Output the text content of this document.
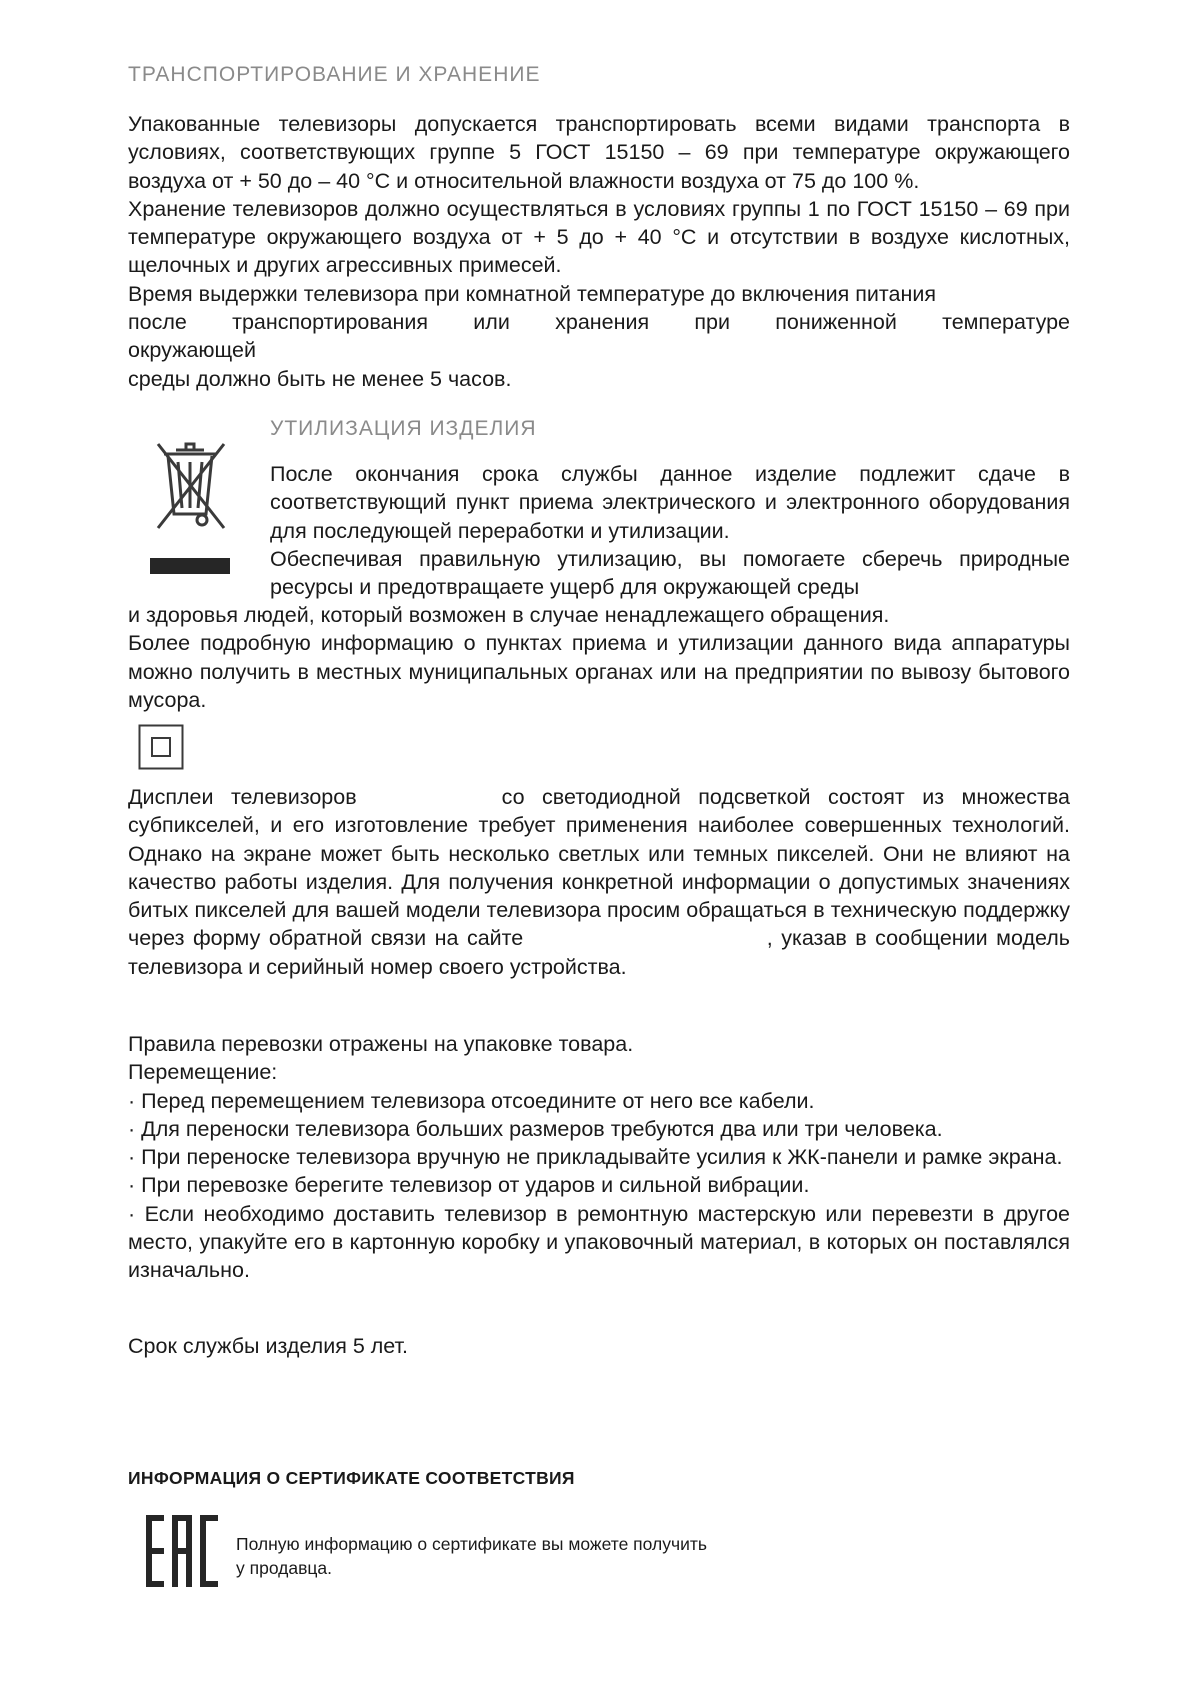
ТРАНСПОРТИРОВАНИЕ И ХРАНЕНИЕ

Упакованные телевизоры допускается транспортировать всеми видами транспорта в условиях, соответствующих группе 5 ГОСТ 15150 – 69 при температуре окружающего воздуха от + 50 до – 40 °С и относительной влажности воздуха от 75 до 100 %.

Хранение телевизоров должно осуществляться в условиях группы 1 по ГОСТ 15150 – 69 при температуре окружающего воздуха от + 5 до + 40 °С и отсутствии в воздухе кислотных, щелочных и других агрессивных примесей.

Время выдержки телевизора при комнатной температуре до включения питания
после транспортирования или хранения при пониженной температуре
окружающей
среды должно быть не менее 5 часов.
УТИЛИЗАЦИЯ ИЗДЕЛИЯ

После окончания срока службы данное изделие подлежит сдаче в соответствующий пункт приема электрического и электронного оборудования для последующей переработки и утилизации.

Обеспечивая правильную утилизацию, вы помогаете сберечь природные ресурсы и предотвращаете ущерб для окружающей среды

и здоровья людей, который возможен в случае ненадлежащего обращения.

Более подробную информацию о пунктах приема и утилизации данного вида аппаратуры можно получить в местных муниципальных органах или на предприятии по вывозу бытового мусора.

Дисплеи телевизоров	со светодиодной подсветкой состоят из множества субпикселей, и его изготовление требует применения наиболее совершенных технологий. Однако на экране может быть несколько светлых или темных пикселей. Они не влияют на качество работы изделия. Для получения конкретной информации о допустимых значениях битых пикселей для вашей модели телевизора просим обращаться в техническую поддержку через форму обратной связи на сайте	, указав в сообщении модель телевизора и серийный номер своего устройства.

Правила перевозки отражены на упаковке товара.
Перемещение:

· Перед перемещением телевизора отсоедините от него все кабели.

· Для переноски телевизора больших размеров требуются два или три человека.

· При переноске телевизора вручную не прикладывайте усилия к ЖК-панели и рамке экрана.

· При перевозке берегите телевизор от ударов и сильной вибрации.

· Если необходимо доставить телевизор в ремонтную мастерскую или перевезти в другое место, упакуйте его в картонную коробку и упаковочный материал, в которых он поставлялся изначально.

Срок службы изделия 5 лет.
ИНФОРМАЦИЯ О СЕРТИФИКАТЕ СООТВЕТСТВИЯ
Полную информацию о сертификате вы можете получить у продавца.
